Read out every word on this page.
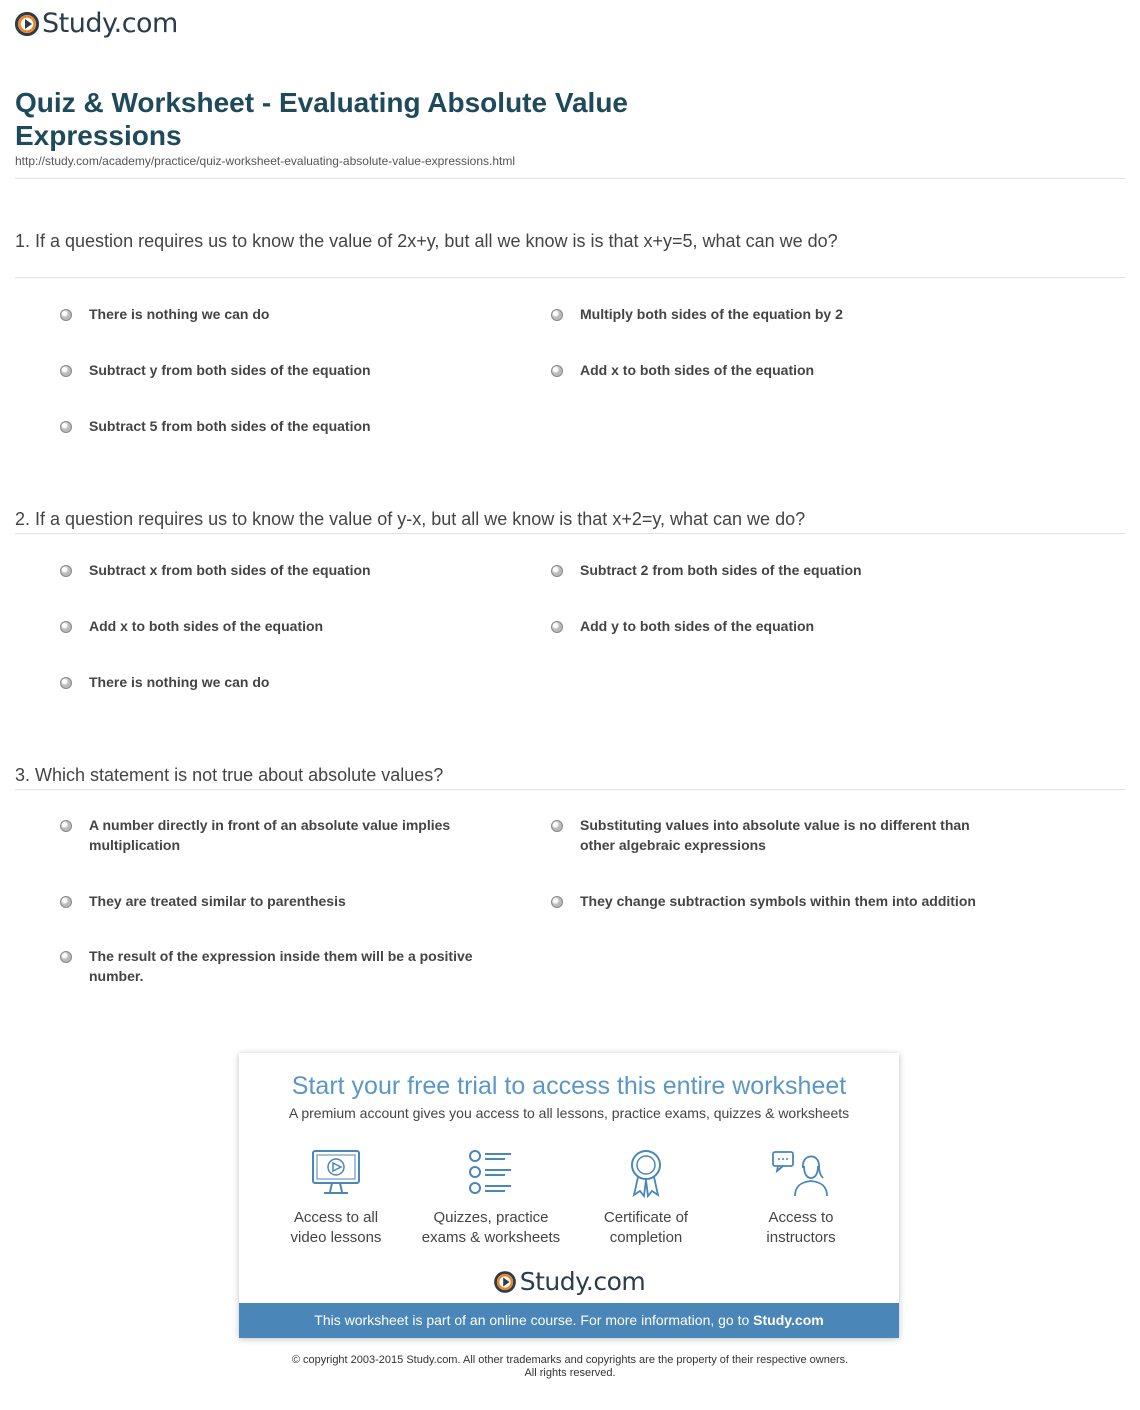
Study.com
Quiz & Worksheet - Evaluating Absolute Value Expressions
http://study.com/academy/practice/quiz-worksheet-evaluating-absolute-value-expressions.html
1. If a question requires us to know the value of 2x+y, but all we know is is that x+y=5, what can we do?
There is nothing we can do	Multiply both sides of the equation by 2
Subtract y from both sides of the equation	Add x to both sides of the equation
Subtract 5 from both sides of the equation
2. If a question requires us to know the value of y-x, but all we know is that x+2=y, what can we do?
Subtract x from both sides of the equation	Subtract 2 from both sides of the equation
Add x to both sides of the equation	Add y to both sides of the equation
There is nothing we can do
3. Which statement is not true about absolute values?
A number directly in front of an absolute value implies multiplication
Substituting values into absolute value is no different than other algebraic expressions
They are treated similar to parenthesis	They change subtraction symbols within them into addition
The result of the expression inside them will be a positive number.
Start your free trial to access this entire worksheet
A premium account gives you access to all lessons, practice exams, quizzes & worksheets
Access to all
video lessons
Quizzes, practice
exams & worksheets
Certificate of
completion
Access to
instructors
Study.com
This worksheet is part of an online course. For more information, go to Study.com
© copyright 2003-2015 Study.com. All other trademarks and copyrights are the property of their respective owners.
All rights reserved.
